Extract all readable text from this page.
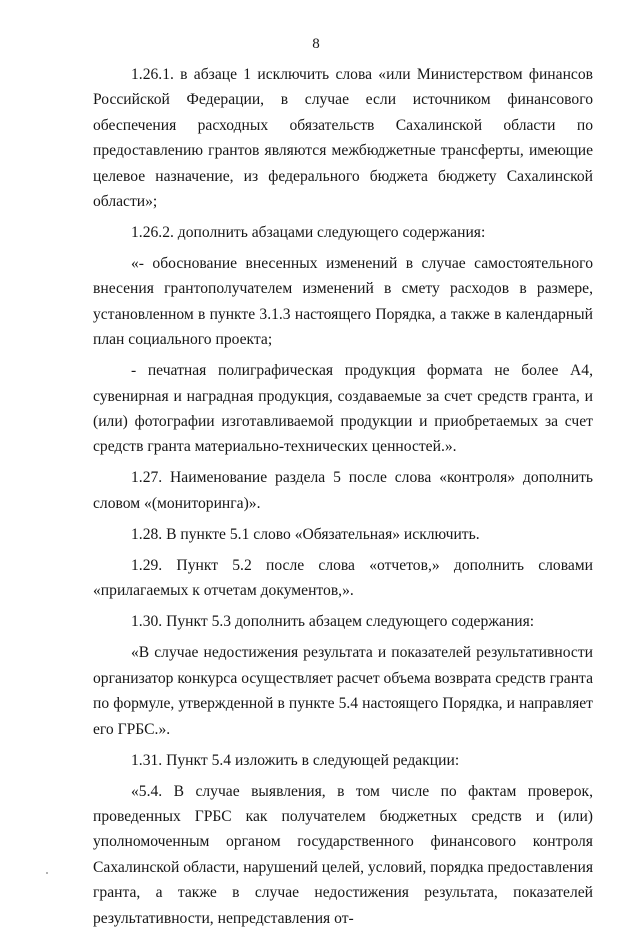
8

1.26.1. в абзаце 1 исключить слова «или Министерством финансов Российской Федерации, в случае если источником финансового обеспечения расходных обязательств Сахалинской области по предоставлению грантов являются межбюджетные трансферты, имеющие целевое назначение, из федерального бюджета бюджету Сахалинской области»;

1.26.2. дополнить абзацами следующего содержания:

«- обоснование внесенных изменений в случае самостоятельного внесения грантополучателем изменений в смету расходов в размере, установленном в пункте 3.1.3 настоящего Порядка, а также в календарный план социального проекта;

- печатная полиграфическая продукция формата не более А4, сувенирная и наградная продукция, создаваемые за счет средств гранта, и (или) фотографии изготавливаемой продукции и приобретаемых за счет средств гранта материально-технических ценностей.».

1.27. Наименование раздела 5 после слова «контроля» дополнить словом «(мониторинга)».

1.28. В пункте 5.1 слово «Обязательная» исключить.

1.29. Пункт 5.2 после слова «отчетов,» дополнить словами «прилагаемых к отчетам документов,».

1.30. Пункт 5.3 дополнить абзацем следующего содержания:

«В случае недостижения результата и показателей результативности организатор конкурса осуществляет расчет объема возврата средств гранта по формуле, утвержденной в пункте 5.4 настоящего Порядка, и направляет его ГРБС.».

1.31. Пункт 5.4 изложить в следующей редакции:

«5.4. В случае выявления, в том числе по фактам проверок, проведенных ГРБС как получателем бюджетных средств и (или) уполномоченным органом государственного финансового контроля Сахалинской области, нарушений целей, условий, порядка предоставления гранта, а также в случае недостижения результата, показателей результативности, непредставления от-
